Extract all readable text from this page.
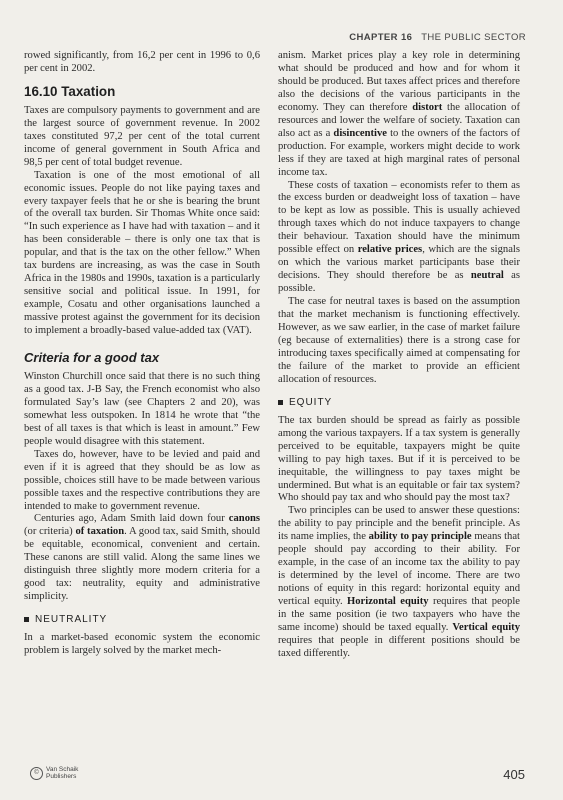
CHAPTER 16 THE PUBLIC SECTOR

rowed significantly, from 16,2 per cent in 1996 to 0,6 per cent in 2002.

16.10 Taxation

Taxes are compulsory payments to government and are the largest source of government revenue. In 2002 taxes constituted 97,2 per cent of the total current income of general government in South Africa and 98,5 per cent of total budget revenue.

Taxation is one of the most emotional of all economic issues. People do not like paying taxes and every taxpayer feels that he or she is bearing the brunt of the overall tax burden. Sir Thomas White once said: “In such experience as I have had with taxation – and it has been considerable – there is only one tax that is popular, and that is the tax on the other fellow.” When tax burdens are increasing, as was the case in South Africa in the 1980s and 1990s, taxation is a particularly sensitive social and political issue. In 1991, for example, Cosatu and other organisations launched a massive protest against the government for its decision to implement a broadly-based value-added tax (VAT).

Criteria for a good tax

Winston Churchill once said that there is no such thing as a good tax. J-B Say, the French economist who also formulated Say’s law (see Chapters 2 and 20), was somewhat less outspoken. In 1814 he wrote that “the best of all taxes is that which is least in amount.” Few people would disagree with this statement.

Taxes do, however, have to be levied and paid and even if it is agreed that they should be as low as possible, choices still have to be made between various possible taxes and the respective contributions they are intended to make to government revenue.

Centuries ago, Adam Smith laid down four canons (or criteria) of taxation. A good tax, said Smith, should be equitable, economical, convenient and certain. These canons are still valid. Along the same lines we distinguish three slightly more modern criteria for a good tax: neutrality, equity and administrative simplicity.

NEUTRALITY

In a market-based economic system the economic problem is largely solved by the market mech-

anism. Market prices play a key role in determining what should be produced and how and for whom it should be produced. But taxes affect prices and therefore also the decisions of the various participants in the economy. They can therefore distort the allocation of resources and lower the welfare of society. Taxation can also act as a disincentive to the owners of the factors of production. For example, workers might decide to work less if they are taxed at high marginal rates of personal income tax.

These costs of taxation – economists refer to them as the excess burden or deadweight loss of taxation – have to be kept as low as possible. This is usually achieved through taxes which do not induce taxpayers to change their behaviour. Taxation should have the minimum possible effect on relative prices, which are the signals on which the various market participants base their decisions. They should therefore be as neutral as possible.

The case for neutral taxes is based on the assumption that the market mechanism is functioning effectively. However, as we saw earlier, in the case of market failure (eg because of externalities) there is a strong case for introducing taxes specifically aimed at compensating for the failure of the market to provide an efficient allocation of resources.

EQUITY

The tax burden should be spread as fairly as possible among the various taxpayers. If a tax system is generally perceived to be equitable, taxpayers might be quite willing to pay high taxes. But if it is perceived to be inequitable, the willingness to pay taxes might be undermined. But what is an equitable or fair tax system? Who should pay tax and who should pay the most tax?

Two principles can be used to answer these questions: the ability to pay principle and the benefit principle. As its name implies, the ability to pay principle means that people should pay according to their ability. For example, in the case of an income tax the ability to pay is determined by the level of income. There are two notions of equity in this regard: horizontal equity and vertical equity. Horizontal equity requires that people in the same position (ie two taxpayers who have the same income) should be taxed equally. Vertical equity requires that people in different positions should be taxed differently.

©	Van Schaik
Publishers	405
